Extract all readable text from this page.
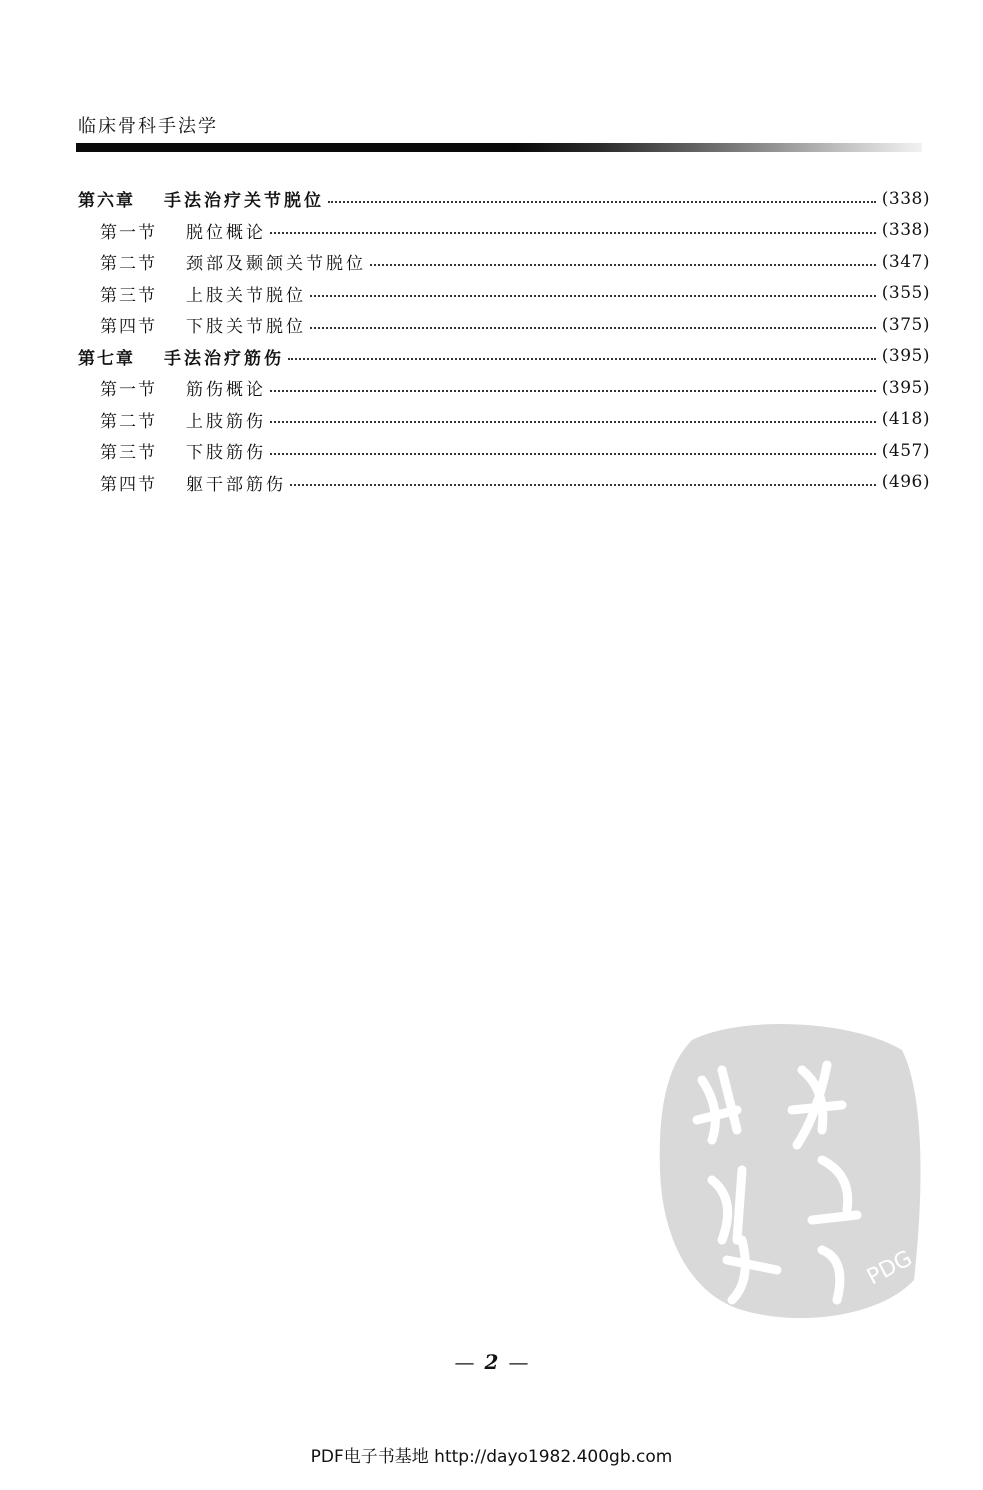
临床骨科手法学
第六章	手法治疗关节脱位	(338)
第一节	脱位概论	(338)
第二节	颈部及颞颌关节脱位	(347)
第三节	上肢关节脱位	(355)
第四节	下肢关节脱位	(375)
第七章	手法治疗筋伤	(395)
第一节	筋伤概论	(395)
第二节	上肢筋伤	(418)
第三节	下肢筋伤	(457)
第四节	躯干部筋伤	(496)
PDG
— 2 —
PDF电子书基地 http://dayo1982.400gb.com
